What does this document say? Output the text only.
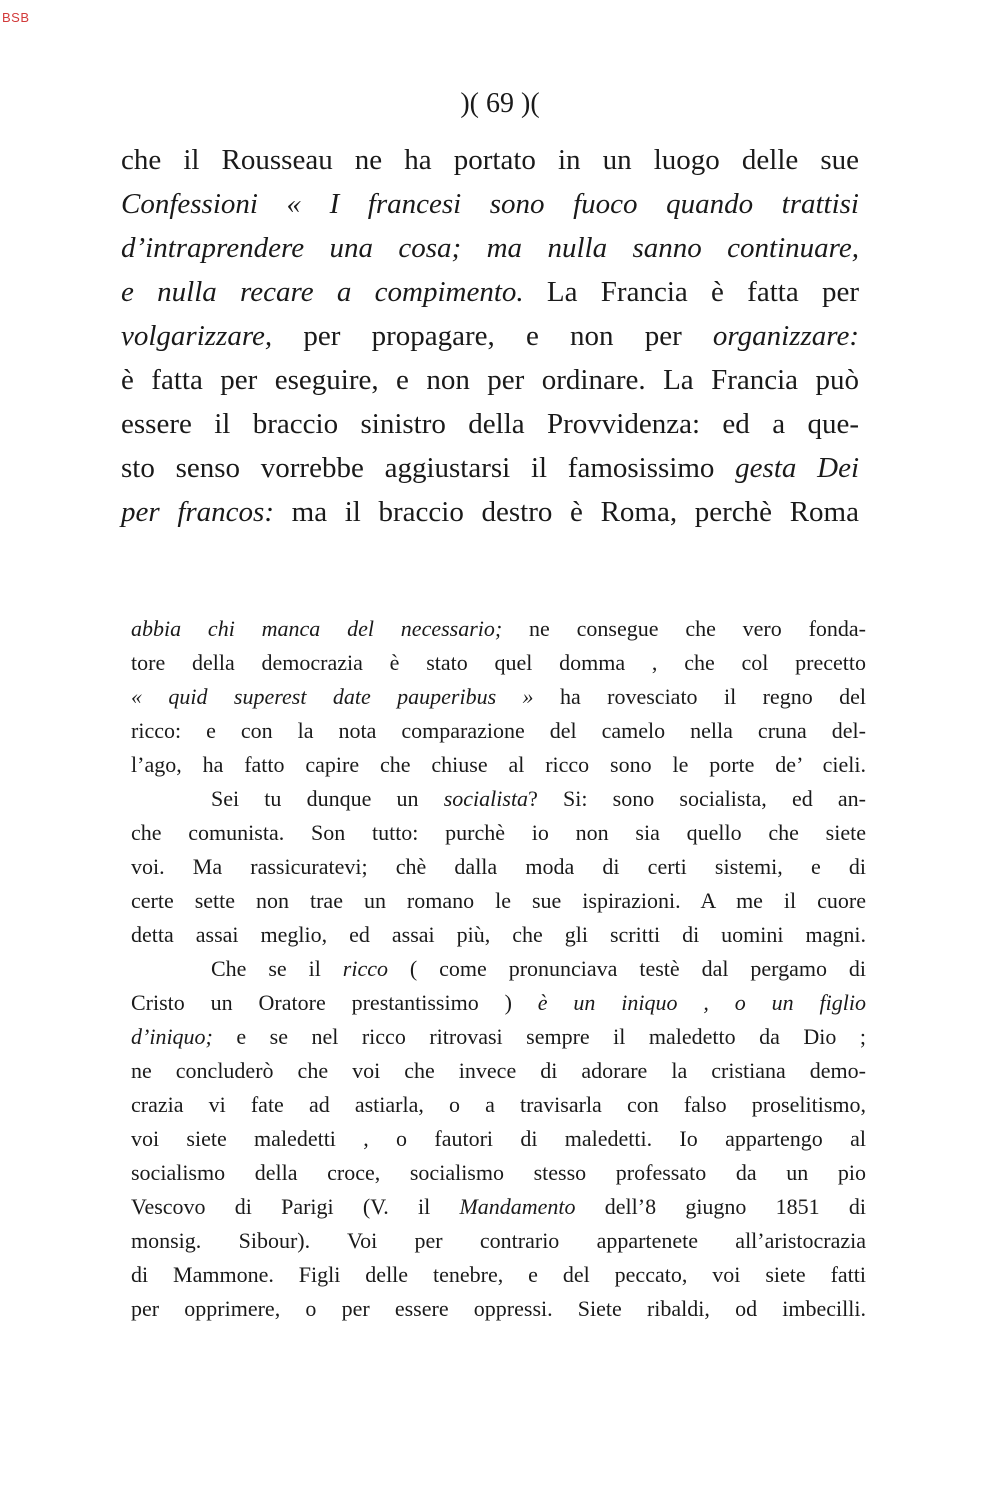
BSB
)( 69 )(
che il Rousseau ne ha portato in un luogo delle sue
Confessioni « I francesi sono fuoco quando trattisi
d’intraprendere una cosa; ma nulla sanno continuare,
e nulla recare a compimento. La Francia è fatta per
volgarizzare, per propagare, e non per organizzare:
è fatta per eseguire, e non per ordinare. La Francia può
essere il braccio sinistro della Provvidenza: ed a que-
sto senso vorrebbe aggiustarsi il famosissimo gesta Dei
per francos: ma il braccio destro è Roma, perchè Roma
abbia chi manca del necessario; ne consegue che vero fonda-
tore della democrazia è stato quel domma , che col precetto
« quid superest date pauperibus » ha rovesciato il regno del
ricco: e con la nota comparazione del camelo nella cruna del-
l’ago, ha fatto capire che chiuse al ricco sono le porte de’ cieli.
Sei tu dunque un socialista? Si: sono socialista, ed an-
che comunista. Son tutto: purchè io non sia quello che siete
voi. Ma rassicuratevi; chè dalla moda di certi sistemi, e di
certe sette non trae un romano le sue ispirazioni. A me il cuore
detta assai meglio, ed assai più, che gli scritti di uomini magni.
Che se il ricco ( come pronunciava testè dal pergamo di
Cristo un Oratore prestantissimo ) è un iniquo , o un figlio
d’iniquo; e se nel ricco ritrovasi sempre il maledetto da Dio ;
ne concluderò che voi che invece di adorare la cristiana demo-
crazia vi fate ad astiarla, o a travisarla con falso proselitismo,
voi siete maledetti , o fautori di maledetti. Io appartengo al
socialismo della croce, socialismo stesso professato da un pio
Vescovo di Parigi (V. il Mandamento dell’8 giugno 1851 di
monsig. Sibour). Voi per contrario appartenete all’aristocrazia
di Mammone. Figli delle tenebre, e del peccato, voi siete fatti
per opprimere, o per essere oppressi. Siete ribaldi, od imbecilli.
